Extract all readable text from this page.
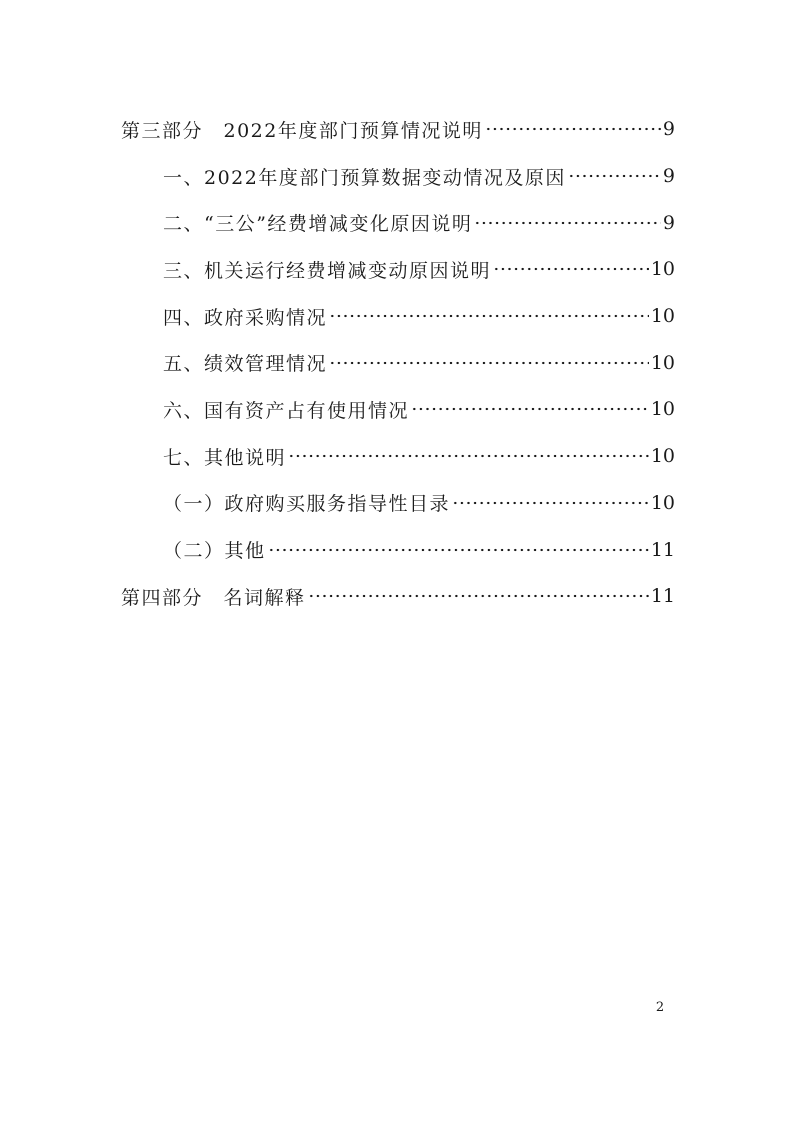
第三部分　2022年度部门预算情况说明	9
一、2022年度部门预算数据变动情况及原因	9
二、“三公”经费增减变化原因说明	9
三、机关运行经费增减变动原因说明	10
四、政府采购情况	10
五、绩效管理情况	10
六、国有资产占有使用情况	10
七、其他说明	10
（一）政府购买服务指导性目录	10
（二）其他	11
第四部分　名词解释	11
2
